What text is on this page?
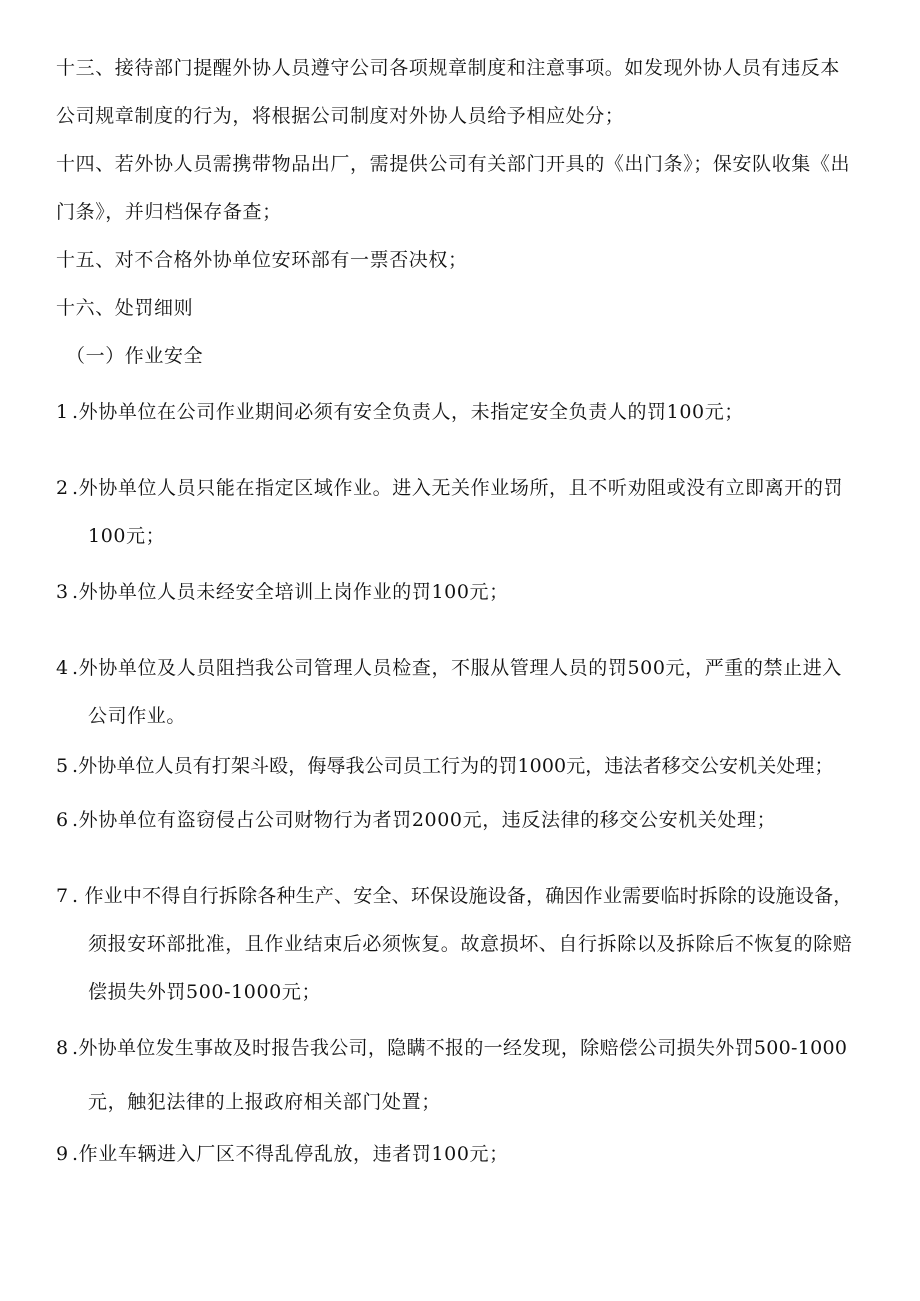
十三、接待部门提醒外协人员遵守公司各项规章制度和注意事项。如发现外协人员有违反本
公司规章制度的行为，将根据公司制度对外协人员给予相应处分；
十四、若外协人员需携带物品出厂，需提供公司有关部门开具的《出门条》；保安队收集《出
门条》，并归档保存备查；
十五、对不合格外协单位安环部有一票否决权；
十六、处罚细则
（一）作业安全
1 .外协单位在公司作业期间必须有安全负责人，未指定安全负责人的罚100元；
2 .外协单位人员只能在指定区域作业。进入无关作业场所，且不听劝阻或没有立即离开的罚
100元；
3 .外协单位人员未经安全培训上岗作业的罚100元；
4 .外协单位及人员阻挡我公司管理人员检查，不服从管理人员的罚500元，严重的禁止进入
公司作业。
5 .外协单位人员有打架斗殴，侮辱我公司员工行为的罚1000元，违法者移交公安机关处理；
6 .外协单位有盗窃侵占公司财物行为者罚2000元，违反法律的移交公安机关处理；
7 . 作业中不得自行拆除各种生产、安全、环保设施设备，确因作业需要临时拆除的设施设备，
须报安环部批准，且作业结束后必须恢复。故意损坏、自行拆除以及拆除后不恢复的除赔
偿损失外罚500-1000元；
8 .外协单位发生事故及时报告我公司，隐瞒不报的一经发现，除赔偿公司损失外罚500-1000
元，触犯法律的上报政府相关部门处置；
9 .作业车辆进入厂区不得乱停乱放，违者罚100元；
